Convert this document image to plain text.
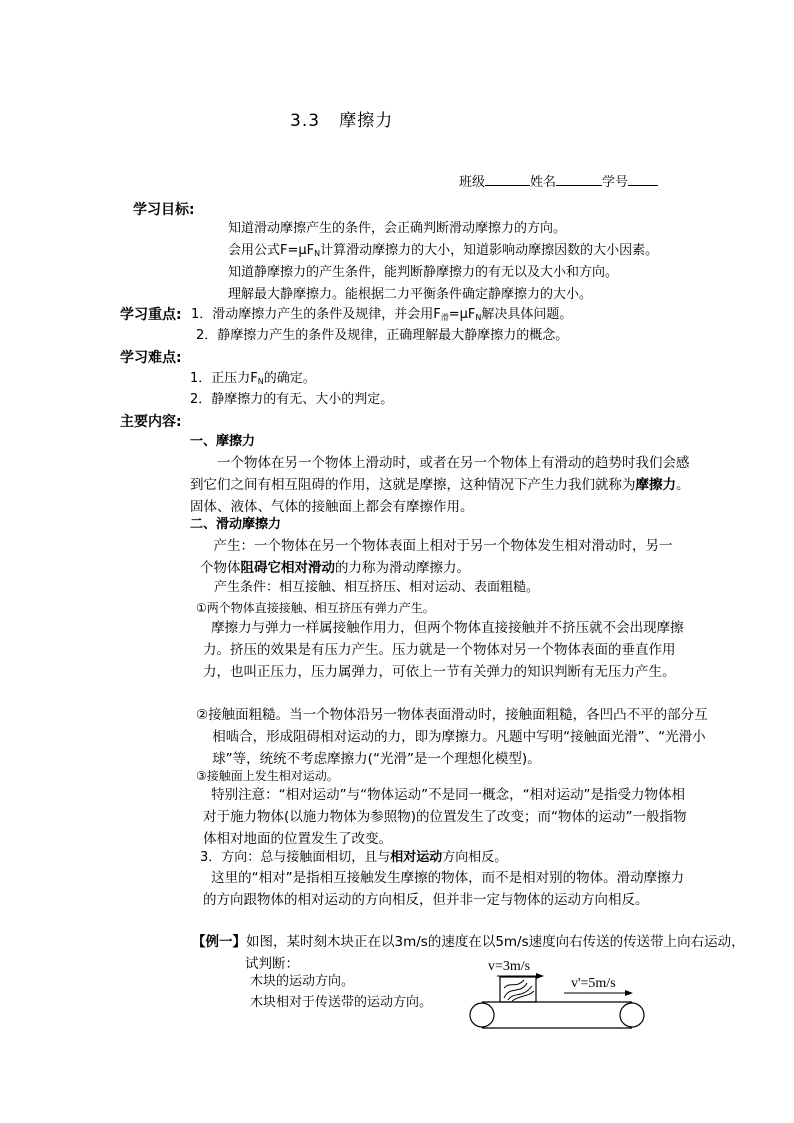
3.3 摩擦力
班级	姓名	学号
学习目标:
知道滑动摩擦产生的条件，会正确判断滑动摩擦力的方向。
会用公式$F=\mu F_N$计算滑动摩擦力的大小，知道影响动摩擦因数的大小因素。
知道静摩擦力的产生条件，能判断静摩擦力的有无以及大小和方向。
理解最大静摩擦力。能根据二力平衡条件确定静摩擦力的大小。
学习重点: 1．滑动摩擦力产生的条件及规律，并会用$F_滑=\mu F_N$解决具体问题。
2．静摩擦力产生的条件及规律，正确理解最大静摩擦力的概念。
学习难点:
1．正压力$F_N$的确定。
2．静摩擦力的有无、大小的判定。
主要内容:
一、摩擦力
一个物体在另一个物体上滑动时，或者在另一个物体上有滑动的趋势时我们会感到它们之间有相互阻碍的作用，这就是摩擦，这种情况下产生力我们就称为摩擦力。固体、液体、气体的接触面上都会有摩擦作用。
二、滑动摩擦力
产生：一个物体在另一个物体表面上相对于另一个物体发生相对滑动时，另一个物体阻碍它相对滑动的力称为滑动摩擦力。
产生条件：相互接触、相互挤压、相对运动、表面粗糙。
①两个物体直接接触、相互挤压有弹力产生。
摩擦力与弹力一样属接触作用力，但两个物体直接接触并不挤压就不会出现摩擦力。挤压的效果是有压力产生。压力就是一个物体对另一个物体表面的垂直作用力，也叫正压力，压力属弹力，可依上一节有关弹力的知识判断有无压力产生。
②接触面粗糙。当一个物体沿另一物体表面滑动时，接触面粗糙，各凹凸不平的部分互相啮合，形成阻碍相对运动的力，即为摩擦力。凡题中写明“接触面光滑”、“光滑小球”等，统统不考虑摩擦力(“光滑”是一个理想化模型)。
③接触面上发生相对运动。
特别注意：“相对运动”与“物体运动”不是同一概念，“相对运动”是指受力物体相对于施力物体(以施力物体为参照物)的位置发生了改变；而“物体的运动”一般指物体相对地面的位置发生了改变。
3．方向：总与接触面相切，且与相对运动方向相反。
这里的“相对”是指相互接触发生摩擦的物体，而不是相对别的物体。滑动摩擦力的方向跟物体的相对运动的方向相反，但并非一定与物体的运动方向相反。
【例一】如图，某时刻木块正在以3m/s的速度在以5m/s速度向右传送的传送带上向右运动，试判断：
木块的运动方向。
木块相对于传送带的运动方向。
v=3m/s
v'=5m/s
